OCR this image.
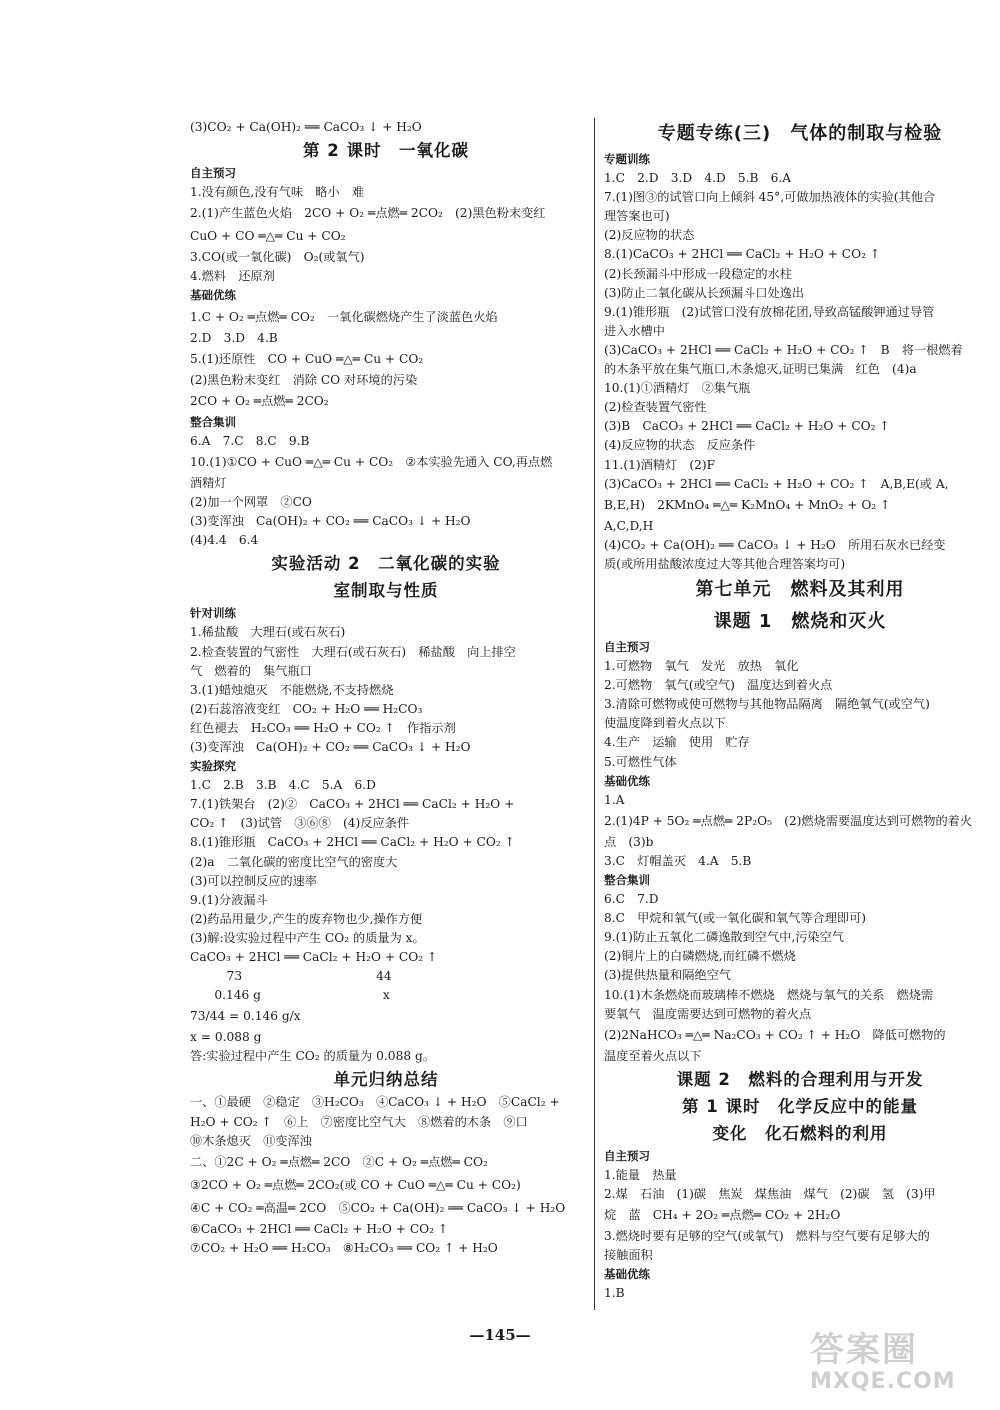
(3)CO₂ + Ca(OH)₂ ══ CaCO₃ ↓ + H₂O
第 2 课时　一氧化碳
自主预习
1.没有颜色,没有气味　略小　难
2.(1)产生蓝色火焰　2CO + O₂ ═点燃═ 2CO₂　(2)黑色粉末变红
CuO + CO ═△═ Cu + CO₂
3.CO(或一氧化碳)　O₂(或氧气)
4.燃料　还原剂
基础优练
1.C + O₂ ═点燃═ CO₂　一氧化碳燃烧产生了淡蓝色火焰
2.D　3.D　4.B
5.(1)还原性　CO + CuO ═△═ Cu + CO₂
(2)黑色粉末变红　消除 CO 对环境的污染
2CO + O₂ ═点燃═ 2CO₂
整合集训
6.A　7.C　8.C　9.B
10.(1)①CO + CuO ═△═ Cu + CO₂　②本实验先通入 CO,再点燃
酒精灯
(2)加一个网罩　②CO
(3)变浑浊　Ca(OH)₂ + CO₂ ══ CaCO₃ ↓ + H₂O
(4)4.4　6.4
实验活动 2　二氧化碳的实验
室制取与性质
针对训练
1.稀盐酸　大理石(或石灰石)
2.检查装置的气密性　大理石(或石灰石)　稀盐酸　向上排空
气　燃着的　集气瓶口
3.(1)蜡烛熄灭　不能燃烧,不支持燃烧
(2)石蕊溶液变红　CO₂ + H₂O ══ H₂CO₃
红色褪去　H₂CO₃ ══ H₂O + CO₂ ↑　作指示剂
(3)变浑浊　Ca(OH)₂ + CO₂ ══ CaCO₃ ↓ + H₂O
实验探究
1.C　2.B　3.B　4.C　5.A　6.D
7.(1)铁架台　(2)②　CaCO₃ + 2HCl ══ CaCl₂ + H₂O +
CO₂ ↑　(3)试管　③⑥⑧　(4)反应条件
8.(1)锥形瓶　CaCO₃ + 2HCl ══ CaCl₂ + H₂O + CO₂ ↑
(2)a　二氧化碳的密度比空气的密度大
(3)可以控制反应的速率
9.(1)分液漏斗
(2)药品用量少,产生的废弃物也少,操作方便
(3)解:设实验过程中产生 CO₂ 的质量为 x。
CaCO₃ + 2HCl ══ CaCl₂ + H₂O + CO₂ ↑
　　　73　　　　　　　　　　　44
　　0.146 g　　　　　　　　　　x
73/44 = 0.146 g/x
x = 0.088 g
答:实验过程中产生 CO₂ 的质量为 0.088 g。
单元归纳总结
一、①最硬　②稳定　③H₂CO₃　④CaCO₃ ↓ + H₂O　⑤CaCl₂ +
H₂O + CO₂ ↑　⑥上　⑦密度比空气大　⑧燃着的木条　⑨口
⑩木条熄灭　⑪变浑浊
二、①2C + O₂ ═点燃═ 2CO　②C + O₂ ═点燃═ CO₂
③2CO + O₂ ═点燃═ 2CO₂(或 CO + CuO ═△═ Cu + CO₂)
④C + CO₂ ═高温═ 2CO　⑤CO₂ + Ca(OH)₂ ══ CaCO₃ ↓ + H₂O
⑥CaCO₃ + 2HCl ══ CaCl₂ + H₂O + CO₂ ↑
⑦CO₂ + H₂O ══ H₂CO₃　⑧H₂CO₃ ══ CO₂ ↑ + H₂O
专题专练(三)　气体的制取与检验
专题训练
1.C　2.D　3.D　4.D　5.B　6.A
7.(1)图③的试管口向上倾斜 45°,可做加热液体的实验(其他合
理答案也可)
(2)反应物的状态
8.(1)CaCO₃ + 2HCl ══ CaCl₂ + H₂O + CO₂ ↑
(2)长颈漏斗中形成一段稳定的水柱
(3)防止二氧化碳从长颈漏斗口处逸出
9.(1)锥形瓶　(2)试管口没有放棉花团,导致高锰酸钾通过导管
进入水槽中
(3)CaCO₃ + 2HCl ══ CaCl₂ + H₂O + CO₂ ↑　B　将一根燃着
的木条平放在集气瓶口,木条熄灭,证明已集满　红色　(4)a
10.(1)①酒精灯　②集气瓶
(2)检查装置气密性
(3)B　CaCO₃ + 2HCl ══ CaCl₂ + H₂O + CO₂ ↑
(4)反应物的状态　反应条件
11.(1)酒精灯　(2)F
(3)CaCO₃ + 2HCl ══ CaCl₂ + H₂O + CO₂ ↑　A,B,E(或 A,
B,E,H)　2KMnO₄ ═△═ K₂MnO₄ + MnO₂ + O₂ ↑
A,C,D,H
(4)CO₂ + Ca(OH)₂ ══ CaCO₃ ↓ + H₂O　所用石灰水已经变
质(或所用盐酸浓度过大等其他合理答案均可)
第七单元　燃料及其利用
课题 1　燃烧和灭火
自主预习
1.可燃物　氧气　发光　放热　氧化
2.可燃物　氧气(或空气)　温度达到着火点
3.清除可燃物或使可燃物与其他物品隔离　隔绝氧气(或空气)
使温度降到着火点以下
4.生产　运输　使用　贮存
5.可燃性气体
基础优练
1.A
2.(1)4P + 5O₂ ═点燃═ 2P₂O₅　(2)燃烧需要温度达到可燃物的着火
点　(3)b
3.C　灯帽盖灭　4.A　5.B
整合集训
6.C　7.D
8.C　甲烷和氧气(或一氧化碳和氧气等合理即可)
9.(1)防止五氧化二磷逸散到空气中,污染空气
(2)铜片上的白磷燃烧,而红磷不燃烧
(3)提供热量和隔绝空气
10.(1)木条燃烧而玻璃棒不燃烧　燃烧与氧气的关系　燃烧需
要氧气　温度需要达到可燃物的着火点
(2)2NaHCO₃ ═△═ Na₂CO₃ + CO₂ ↑ + H₂O　降低可燃物的
温度至着火点以下
课题 2　燃料的合理利用与开发
第 1 课时　化学反应中的能量
变化　化石燃料的利用
自主预习
1.能量　热量
2.煤　石油　(1)碳　焦炭　煤焦油　煤气　(2)碳　氢　(3)甲
烷　蓝　CH₄ + 2O₂ ═点燃═ CO₂ + 2H₂O
3.燃烧时要有足够的空气(或氧气)　燃料与空气要有足够大的
接触面积
基础优练
1.B
—145—	答案圈
MXQE.COM
